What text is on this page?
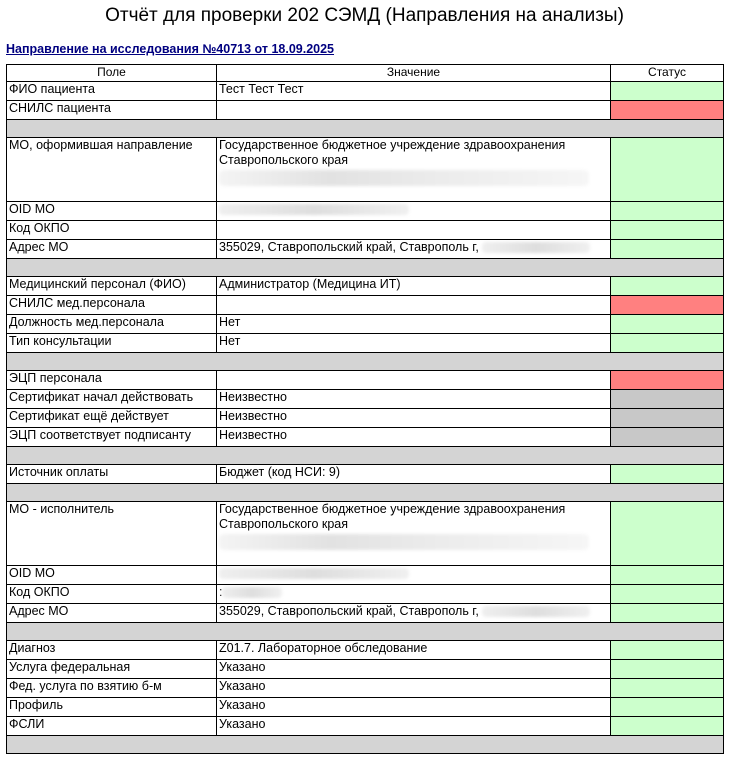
Отчёт для проверки 202 СЭМД (Направления на анализы)
Направление на исследования №40713 от 18.09.2025
Поле	Значение	Статус
ФИО пациента	Тест Тест Тест	
СНИЛС пациента		

МО, оформившая направление	Государственное бюджетное учреждение здравоохранения
Ставропольского края	

OID МО		
Код ОКПО		
Адрес МО	355029, Ставропольский край, Ставрополь г,	

Медицинский персонал (ФИО)	Администратор (Медицина ИТ)	
СНИЛС мед.персонала		
Должность мед.персонала	Нет	
Тип консультации	Нет	

ЭЦП персонала		
Сертификат начал действовать	Неизвестно	
Сертификат ещё действует	Неизвестно	
ЭЦП соответствует подписанту	Неизвестно	

Источник оплаты	Бюджет (код НСИ: 9)	

МО - исполнитель	Государственное бюджетное учреждение здравоохранения
Ставропольского края	

OID МО		
Код ОКПО	:	
Адрес МО	355029, Ставропольский край, Ставрополь г,	

Диагноз	Z01.7. Лабораторное обследование	
Услуга федеральная	Указано	
Фед. услуга по взятию б-м	Указано	
Профиль	Указано	
ФСЛИ	Указано	
